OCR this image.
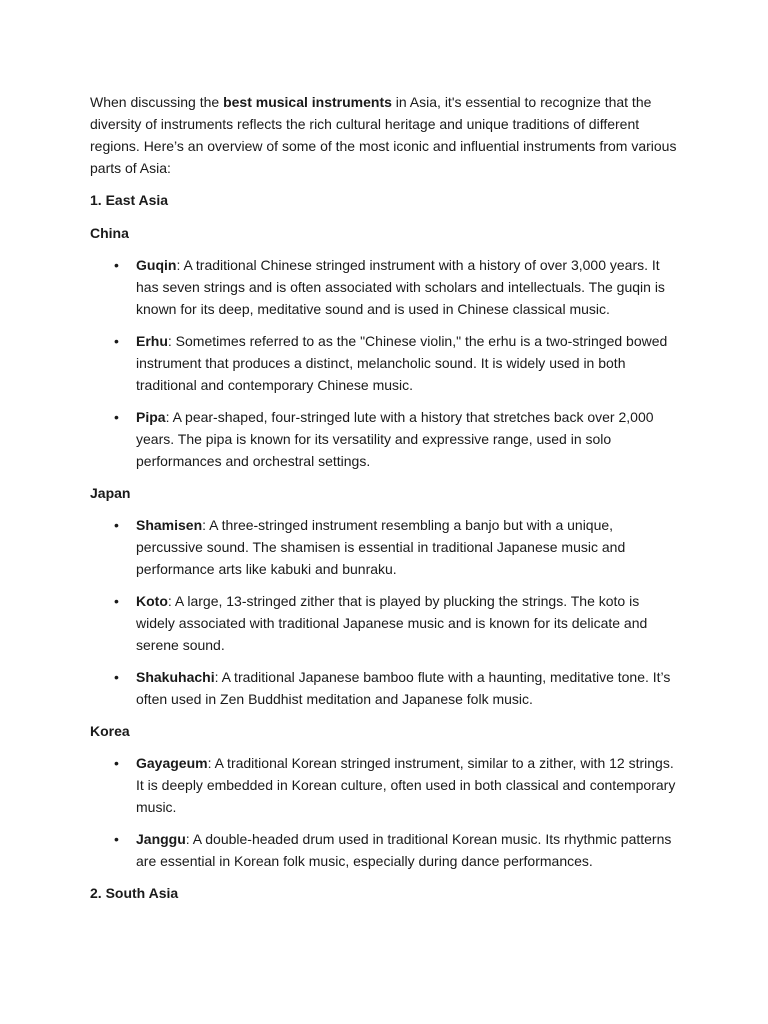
When discussing the best musical instruments in Asia, it's essential to recognize that the diversity of instruments reflects the rich cultural heritage and unique traditions of different regions. Here’s an overview of some of the most iconic and influential instruments from various parts of Asia:

1. East Asia

China

• Guqin: A traditional Chinese stringed instrument with a history of over 3,000 years. It has seven strings and is often associated with scholars and intellectuals. The guqin is known for its deep, meditative sound and is used in Chinese classical music.
• Erhu: Sometimes referred to as the "Chinese violin," the erhu is a two-stringed bowed instrument that produces a distinct, melancholic sound. It is widely used in both traditional and contemporary Chinese music.
• Pipa: A pear-shaped, four-stringed lute with a history that stretches back over 2,000 years. The pipa is known for its versatility and expressive range, used in solo performances and orchestral settings.

Japan

• Shamisen: A three-stringed instrument resembling a banjo but with a unique, percussive sound. The shamisen is essential in traditional Japanese music and performance arts like kabuki and bunraku.
• Koto: A large, 13-stringed zither that is played by plucking the strings. The koto is widely associated with traditional Japanese music and is known for its delicate and serene sound.
• Shakuhachi: A traditional Japanese bamboo flute with a haunting, meditative tone. It’s often used in Zen Buddhist meditation and Japanese folk music.

Korea

• Gayageum: A traditional Korean stringed instrument, similar to a zither, with 12 strings. It is deeply embedded in Korean culture, often used in both classical and contemporary music.
• Janggu: A double-headed drum used in traditional Korean music. Its rhythmic patterns are essential in Korean folk music, especially during dance performances.

2. South Asia
